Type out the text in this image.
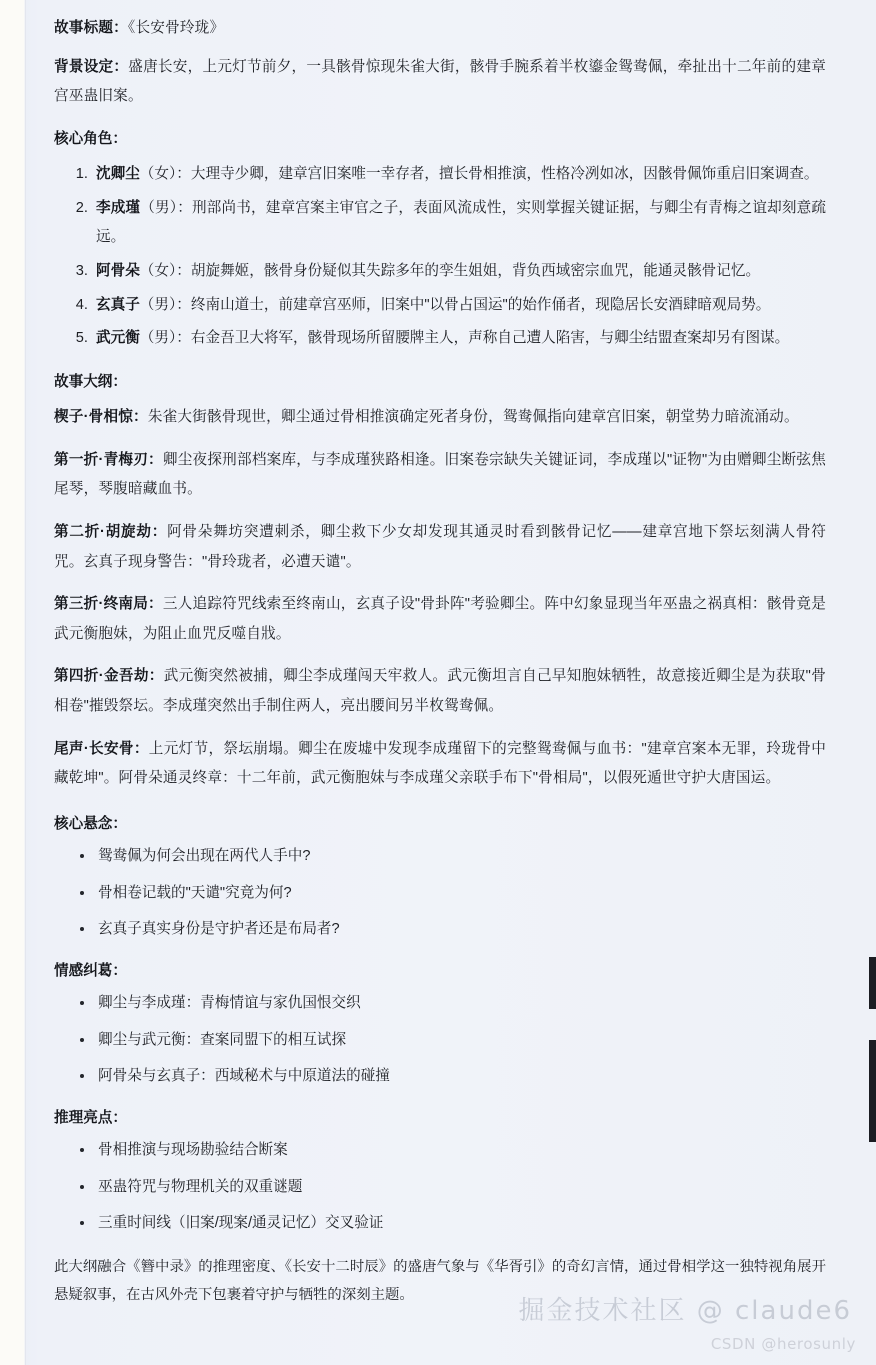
故事标题：《长安骨玲珑》

背景设定：盛唐长安，上元灯节前夕，一具骸骨惊现朱雀大街，骸骨手腕系着半枚鎏金鸳鸯佩，牵扯出十二年前的建章宫巫蛊旧案。

核心角色：

1. 沈卿尘（女）：大理寺少卿，建章宫旧案唯一幸存者，擅长骨相推演，性格冷冽如冰，因骸骨佩饰重启旧案调查。
2. 李成瑾（男）：刑部尚书，建章宫案主审官之子，表面风流成性，实则掌握关键证据，与卿尘有青梅之谊却刻意疏远。
3. 阿骨朵（女）：胡旋舞姬，骸骨身份疑似其失踪多年的孪生姐姐，背负西域密宗血咒，能通灵骸骨记忆。
4. 玄真子（男）：终南山道士，前建章宫巫师，旧案中"以骨占国运"的始作俑者，现隐居长安酒肆暗观局势。
5. 武元衡（男）：右金吾卫大将军，骸骨现场所留腰牌主人，声称自己遭人陷害，与卿尘结盟查案却另有图谋。

故事大纲：

楔子·骨相惊：朱雀大街骸骨现世，卿尘通过骨相推演确定死者身份，鸳鸯佩指向建章宫旧案，朝堂势力暗流涌动。

第一折·青梅刃：卿尘夜探刑部档案库，与李成瑾狭路相逢。旧案卷宗缺失关键证词，李成瑾以"证物"为由赠卿尘断弦焦尾琴，琴腹暗藏血书。

第二折·胡旋劫：阿骨朵舞坊突遭刺杀，卿尘救下少女却发现其通灵时看到骸骨记忆——建章宫地下祭坛刻满人骨符咒。玄真子现身警告："骨玲珑者，必遭天谴"。

第三折·终南局：三人追踪符咒线索至终南山，玄真子设"骨卦阵"考验卿尘。阵中幻象显现当年巫蛊之祸真相：骸骨竟是武元衡胞妹，为阻止血咒反噬自戕。

第四折·金吾劫：武元衡突然被捕，卿尘李成瑾闯天牢救人。武元衡坦言自己早知胞妹牺牲，故意接近卿尘是为获取"骨相卷"摧毁祭坛。李成瑾突然出手制住两人，亮出腰间另半枚鸳鸯佩。

尾声·长安骨：上元灯节，祭坛崩塌。卿尘在废墟中发现李成瑾留下的完整鸳鸯佩与血书："建章宫案本无罪，玲珑骨中藏乾坤"。阿骨朵通灵终章：十二年前，武元衡胞妹与李成瑾父亲联手布下"骨相局"，以假死遁世守护大唐国运。

核心悬念：

鸳鸯佩为何会出现在两代人手中?
骨相卷记载的"天谴"究竟为何?
玄真子真实身份是守护者还是布局者?

情感纠葛：

卿尘与李成瑾：青梅情谊与家仇国恨交织
卿尘与武元衡：查案同盟下的相互试探
阿骨朵与玄真子：西域秘术与中原道法的碰撞

推理亮点：

骨相推演与现场勘验结合断案
巫蛊符咒与物理机关的双重谜题
三重时间线（旧案/现案/通灵记忆）交叉验证

此大纲融合《簪中录》的推理密度、《长安十二时辰》的盛唐气象与《华胥引》的奇幻言情，通过骨相学这一独特视角展开悬疑叙事，在古风外壳下包裹着守护与牺牲的深刻主题。

掘金技术社区 @ claude6
CSDN @herosunly
